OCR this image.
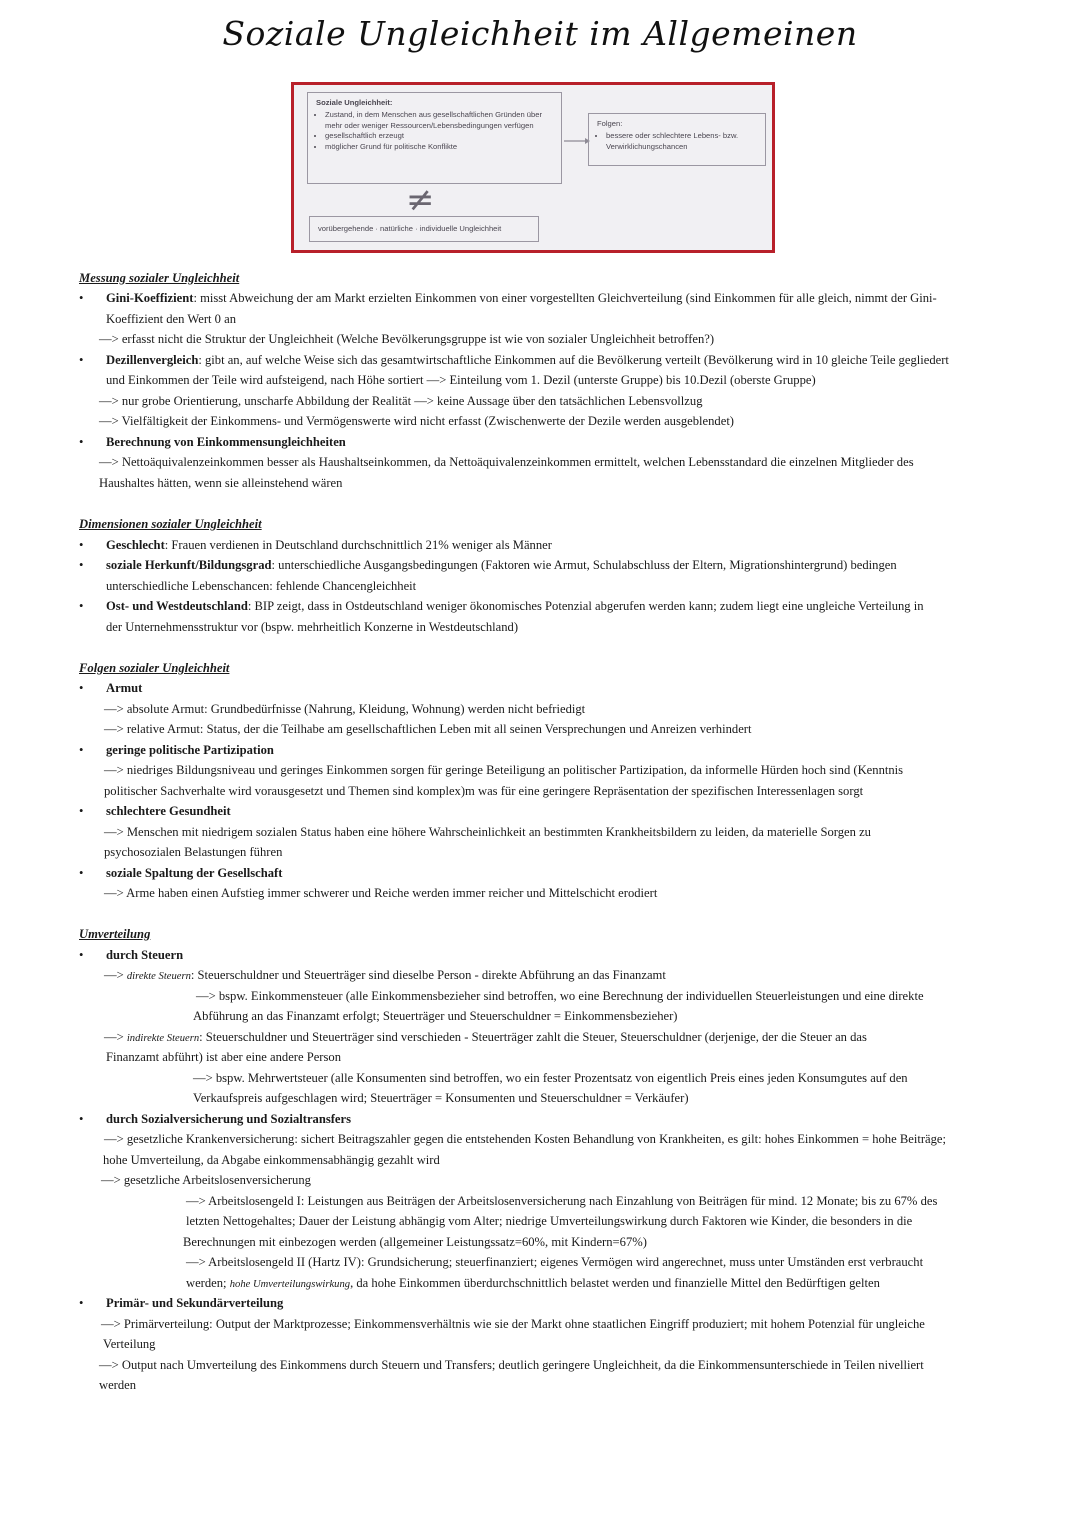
Soziale Ungleichheit im Allgemeinen
Soziale Ungleichheit:
• Zustand, in dem Menschen aus gesellschaftlichen Gründen über mehr oder weniger Ressourcen/Lebensbedingungen verfügen
• gesellschaftlich erzeugt
• möglicher Grund für politische Konflikte
Folgen:
• bessere oder schlechtere Lebens- bzw. Verwirklichungschancen
≠
vorübergehende · natürliche · individuelle Ungleichheit
Messung sozialer Ungleichheit
• Gini-Koeffizient: misst Abweichung der am Markt erzielten Einkommen von einer vorgestellten Gleichverteilung (sind Einkommen für alle gleich, nimmt der Gini-
Koeffizient den Wert 0 an
—> erfasst nicht die Struktur der Ungleichheit (Welche Bevölkerungsgruppe ist wie von sozialer Ungleichheit betroffen?)
• Dezillenvergleich: gibt an, auf welche Weise sich das gesamtwirtschaftliche Einkommen auf die Bevölkerung verteilt (Bevölkerung wird in 10 gleiche Teile gegliedert
und Einkommen der Teile wird aufsteigend, nach Höhe sortiert —> Einteilung vom 1. Dezil (unterste Gruppe) bis 10.Dezil (oberste Gruppe)
—> nur grobe Orientierung, unscharfe Abbildung der Realität —> keine Aussage über den tatsächlichen Lebensvollzug
—> Vielfältigkeit der Einkommens- und Vermögenswerte wird nicht erfasst (Zwischenwerte der Dezile werden ausgeblendet)
• Berechnung von Einkommensungleichheiten
—> Nettoäquivalenzeinkommen besser als Haushaltseinkommen, da Nettoäquivalenzeinkommen ermittelt, welchen Lebensstandard die einzelnen Mitglieder des
Haushaltes hätten, wenn sie alleinstehend wären
Dimensionen sozialer Ungleichheit
• Geschlecht: Frauen verdienen in Deutschland durchschnittlich 21% weniger als Männer
• soziale Herkunft/Bildungsgrad: unterschiedliche Ausgangsbedingungen (Faktoren wie Armut, Schulabschluss der Eltern, Migrationshintergrund) bedingen
unterschiedliche Lebenschancen: fehlende Chancengleichheit
• Ost- und Westdeutschland: BIP zeigt, dass in Ostdeutschland weniger ökonomisches Potenzial abgerufen werden kann; zudem liegt eine ungleiche Verteilung in
der Unternehmensstruktur vor (bspw. mehrheitlich Konzerne in Westdeutschland)
Folgen sozialer Ungleichheit
• Armut
—> absolute Armut: Grundbedürfnisse (Nahrung, Kleidung, Wohnung) werden nicht befriedigt
—> relative Armut: Status, der die Teilhabe am gesellschaftlichen Leben mit all seinen Versprechungen und Anreizen verhindert
• geringe politische Partizipation
—> niedriges Bildungsniveau und geringes Einkommen sorgen für geringe Beteiligung an politischer Partizipation, da informelle Hürden hoch sind (Kenntnis
politischer Sachverhalte wird vorausgesetzt und Themen sind komplex)m was für eine geringere Repräsentation der spezifischen Interessenlagen sorgt
• schlechtere Gesundheit
—> Menschen mit niedrigem sozialen Status haben eine höhere Wahrscheinlichkeit an bestimmten Krankheitsbildern zu leiden, da materielle Sorgen zu
psychosozialen Belastungen führen
• soziale Spaltung der Gesellschaft
—> Arme haben einen Aufstieg immer schwerer und Reiche werden immer reicher und Mittelschicht erodiert
Umverteilung
• durch Steuern
—> direkte Steuern: Steuerschuldner und Steuerträger sind dieselbe Person - direkte Abführung an das Finanzamt
—> bspw. Einkommensteuer (alle Einkommensbezieher sind betroffen, wo eine Berechnung der individuellen Steuerleistungen und eine direkte
Abführung an das Finanzamt erfolgt; Steuerträger und Steuerschuldner = Einkommensbezieher)
—> indirekte Steuern: Steuerschuldner und Steuerträger sind verschieden - Steuerträger zahlt die Steuer, Steuerschuldner (derjenige, der die Steuer an das
Finanzamt abführt) ist aber eine andere Person
—> bspw. Mehrwertsteuer (alle Konsumenten sind betroffen, wo ein fester Prozentsatz von eigentlich Preis eines jeden Konsumgutes auf den
Verkaufspreis aufgeschlagen wird; Steuerträger = Konsumenten und Steuerschuldner = Verkäufer)
• durch Sozialversicherung und Sozialtransfers
—> gesetzliche Krankenversicherung: sichert Beitragszahler gegen die entstehenden Kosten Behandlung von Krankheiten, es gilt: hohes Einkommen = hohe Beiträge;
hohe Umverteilung, da Abgabe einkommensabhängig gezahlt wird
—> gesetzliche Arbeitslosenversicherung
—> Arbeitslosengeld I: Leistungen aus Beiträgen der Arbeitslosenversicherung nach Einzahlung von Beiträgen für mind. 12 Monate; bis zu 67% des
letzten Nettogehaltes; Dauer der Leistung abhängig vom Alter; niedrige Umverteilungswirkung durch Faktoren wie Kinder, die besonders in die
Berechnungen mit einbezogen werden (allgemeiner Leistungssatz=60%, mit Kindern=67%)
—> Arbeitslosengeld II (Hartz IV): Grundsicherung; steuerfinanziert; eigenes Vermögen wird angerechnet, muss unter Umständen erst verbraucht
werden; hohe Umverteilungswirkung, da hohe Einkommen überdurchschnittlich belastet werden und finanzielle Mittel den Bedürftigen gelten
• Primär- und Sekundärverteilung
—> Primärverteilung: Output der Marktprozesse; Einkommensverhältnis wie sie der Markt ohne staatlichen Eingriff produziert; mit hohem Potenzial für ungleiche
Verteilung
—> Output nach Umverteilung des Einkommens durch Steuern und Transfers; deutlich geringere Ungleichheit, da die Einkommensunterschiede in Teilen nivelliert
werden
